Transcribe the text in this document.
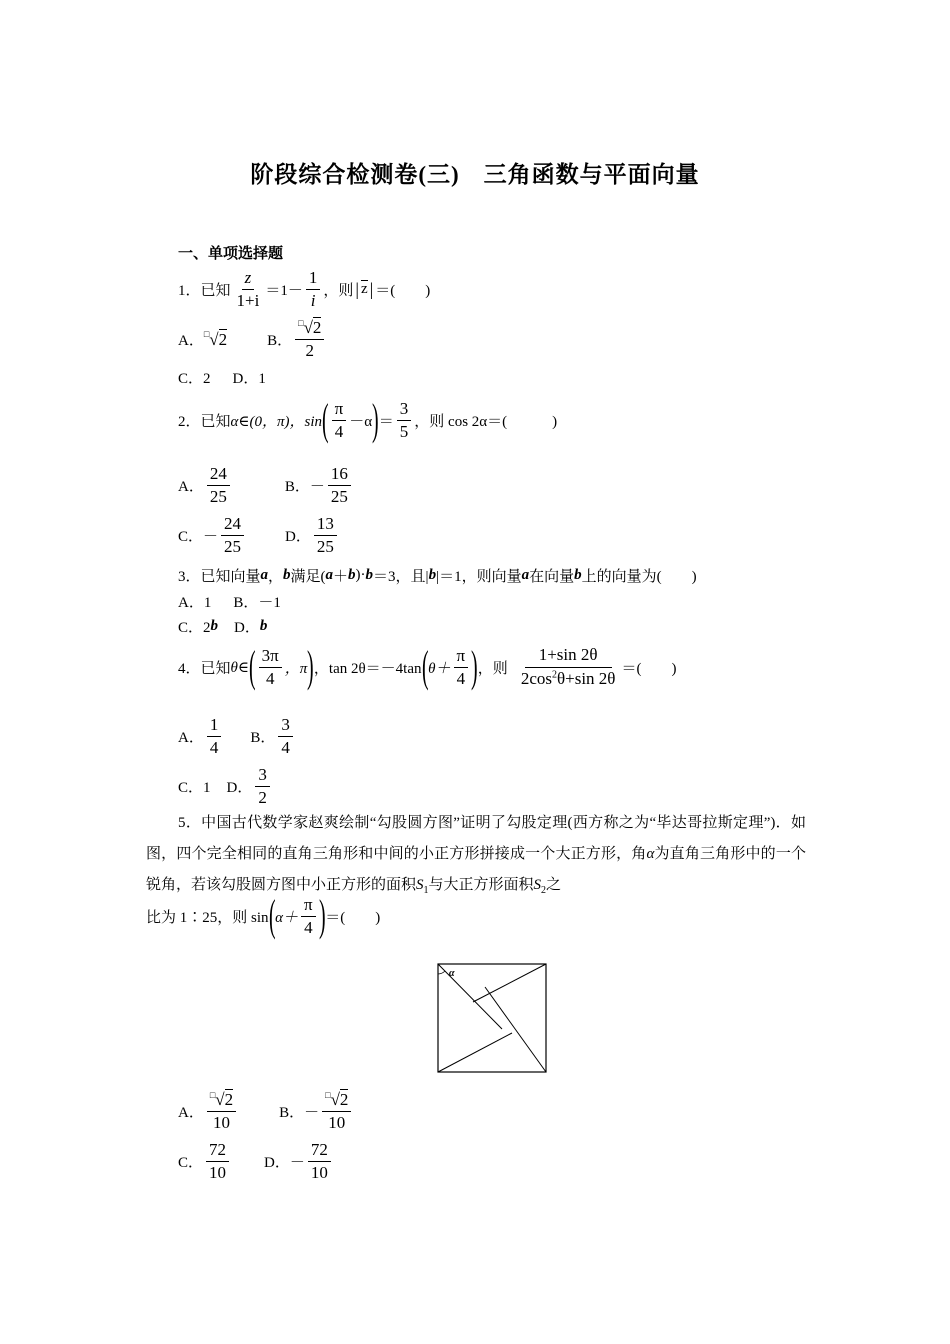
阶段综合检测卷(三)　三角函数与平面向量
一、单项选择题
1．已知 $\frac{z}{1+i} =1- \frac{1}{i}$ ，则 | z | ＝(　　)
A． □√2	B． $\frac{^□√2}{2}$
C．2 D．1
2．已知 α∈(0，π)，sin ( $\frac{\pi}{4} -\alpha$ ) ＝ $\frac{3}{5}$ ，则 cos 2α＝(　　　)
A． $\frac{24}{25}$	B．－ $\frac{16}{25}$
C．－ $\frac{24}{25}$	D． $\frac{13}{25}$
3．已知向量 a ， b 满足( a ＋ b )· b ＝3，且| b |＝1，则向量 a 在向量 b 上的向量为(　　)
A．1 B．－1
C．2 b D． b
4．已知 θ∈ ( $\frac{3\pi}{4}$ ，π ) ，tan 2θ＝－4tan ( $\theta+ \frac{\pi}{4}$ ) ，则 $\frac{1+\sin 2\theta}{2\cos^2\theta+\sin 2\theta}$ ＝(　　)
A． $\frac{1}{4}$ B． $\frac{3}{4}$
C．1 D． $\frac{3}{2}$
5．中国古代数学家赵爽绘制“勾股圆方图”证明了勾股定理(西方称之为“毕达哥拉斯定理”)．如图，四个完全相同的直角三角形和中间的小正方形拼接成一个大正方形，角α为直角三角形中的一个锐角，若该勾股圆方图中小正方形的面积$S_1$与大正方形面积$S_2$之
比为 1∶25，则 sin ( $\alpha+ \frac{\pi}{4}$ ) ＝(　　)
α
A． $\frac{^□√2}{10}$	B．－ $\frac{^□√2}{10}$
C． $\frac{72}{10}$ D．－ $\frac{72}{10}$
